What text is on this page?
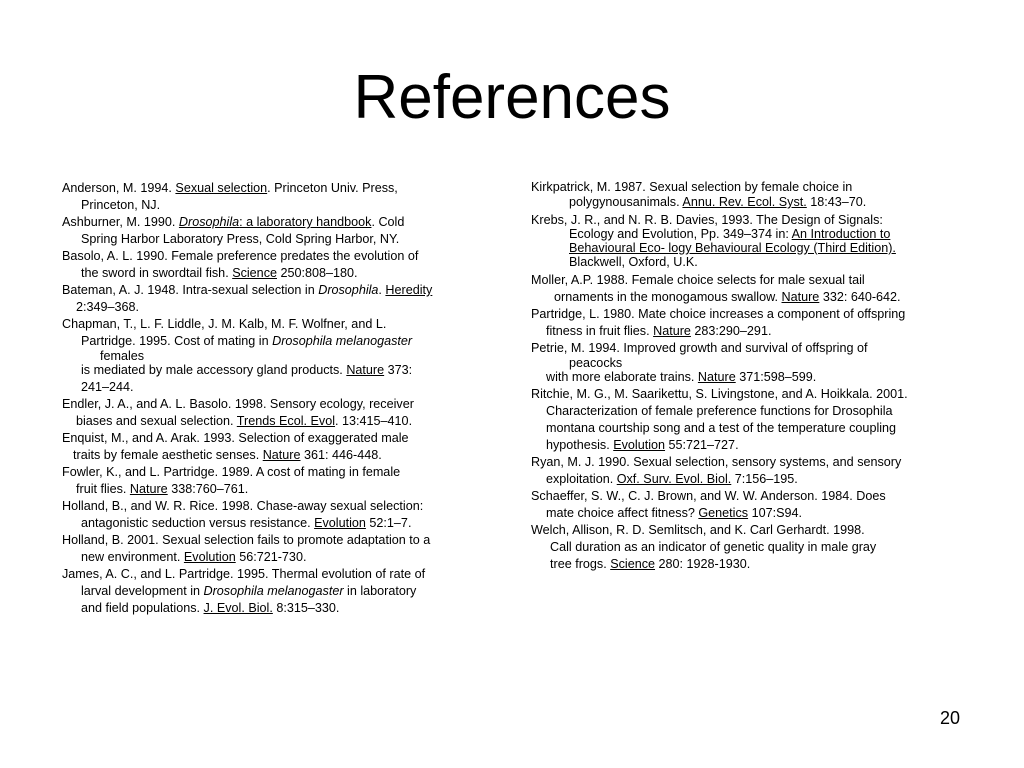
References
Anderson, M. 1994. Sexual selection. Princeton Univ. Press,
Princeton, NJ.
Ashburner, M. 1990. Drosophila: a laboratory handbook. Cold
Spring Harbor Laboratory Press, Cold Spring Harbor, NY.
Basolo, A. L. 1990. Female preference predates the evolution of
the sword in swordtail fish. Science 250:808–180.
Bateman, A. J. 1948. Intra-sexual selection in Drosophila. Heredity
2:349–368.
Chapman, T., L. F. Liddle, J. M. Kalb, M. F. Wolfner, and L.
Partridge. 1995. Cost of mating in Drosophila melanogaster
females
is mediated by male accessory gland products. Nature 373:
241–244.
Endler, J. A., and A. L. Basolo. 1998. Sensory ecology, receiver
biases and sexual selection. Trends Ecol. Evol. 13:415–410.
Enquist, M., and A. Arak. 1993. Selection of exaggerated male
traits by female aesthetic senses. Nature 361: 446-448.
Fowler, K., and L. Partridge. 1989. A cost of mating in female
fruit flies. Nature 338:760–761.
Holland, B., and W. R. Rice. 1998. Chase-away sexual selection:
antagonistic seduction versus resistance. Evolution 52:1–7.
Holland, B. 2001. Sexual selection fails to promote adaptation to a
new environment. Evolution 56:721-730.
James, A. C., and L. Partridge. 1995. Thermal evolution of rate of
larval development in Drosophila melanogaster in laboratory
and field populations. J. Evol. Biol. 8:315–330.
Kirkpatrick, M. 1987. Sexual selection by female choice in
polygynousanimals. Annu. Rev. Ecol. Syst. 18:43–70.
Krebs, J. R., and N. R. B. Davies, 1993. The Design of Signals:
Ecology and Evolution, Pp. 349–374 in: An Introduction to
Behavioural Eco- logy Behavioural Ecology (Third Edition).
Blackwell, Oxford, U.K.
Moller, A.P. 1988. Female choice selects for male sexual tail
ornaments in the monogamous swallow. Nature 332: 640-642.
Partridge, L. 1980. Mate choice increases a component of offspring
fitness in fruit flies. Nature 283:290–291.
Petrie, M. 1994. Improved growth and survival of offspring of
peacocks
with more elaborate trains. Nature 371:598–599.
Ritchie, M. G., M. Saarikettu, S. Livingstone, and A. Hoikkala. 2001.
Characterization of female preference functions for Drosophila
montana courtship song and a test of the temperature coupling
hypothesis. Evolution 55:721–727.
Ryan, M. J. 1990. Sexual selection, sensory systems, and sensory
exploitation. Oxf. Surv. Evol. Biol. 7:156–195.
Schaeffer, S. W., C. J. Brown, and W. W. Anderson. 1984. Does
mate choice affect fitness? Genetics 107:S94.
Welch, Allison, R. D. Semlitsch, and K. Carl Gerhardt. 1998.
Call duration as an indicator of genetic quality in male gray
tree frogs. Science 280: 1928-1930.
20
